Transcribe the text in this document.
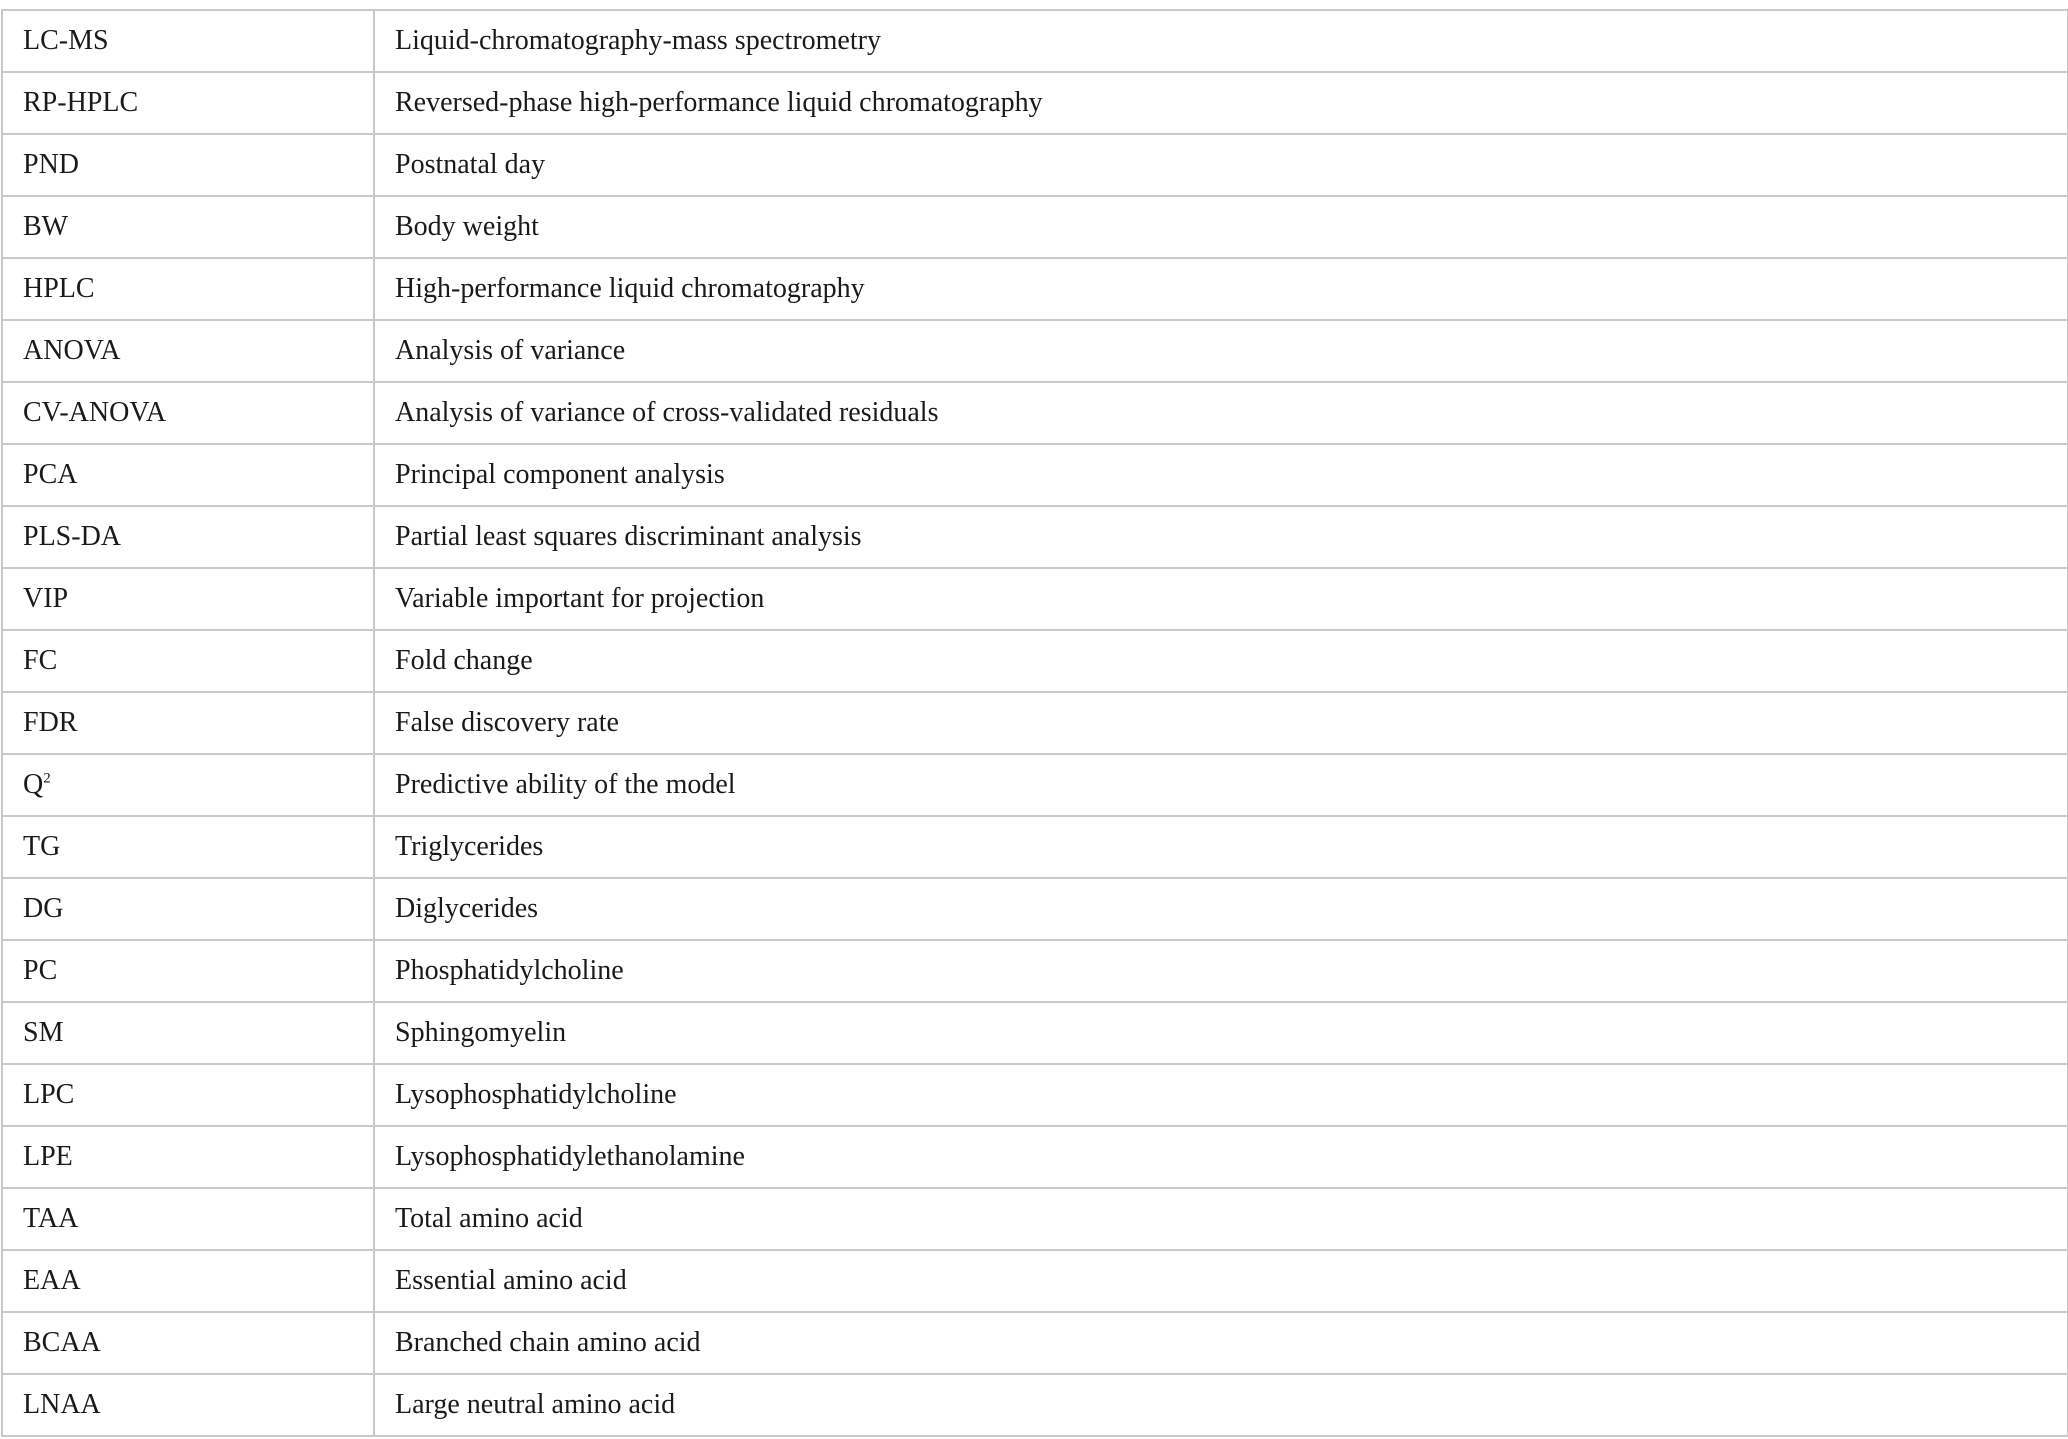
LC-MS	Liquid-chromatography-mass spectrometry
RP-HPLC	Reversed-phase high-performance liquid chromatography
PND	Postnatal day
BW	Body weight
HPLC	High-performance liquid chromatography
ANOVA	Analysis of variance
CV-ANOVA	Analysis of variance of cross-validated residuals
PCA	Principal component analysis
PLS-DA	Partial least squares discriminant analysis
VIP	Variable important for projection
FC	Fold change
FDR	False discovery rate
$Q^2$	Predictive ability of the model
TG	Triglycerides
DG	Diglycerides
PC	Phosphatidylcholine
SM	Sphingomyelin
LPC	Lysophosphatidylcholine
LPE	Lysophosphatidylethanolamine
TAA	Total amino acid
EAA	Essential amino acid
BCAA	Branched chain amino acid
LNAA	Large neutral amino acid
